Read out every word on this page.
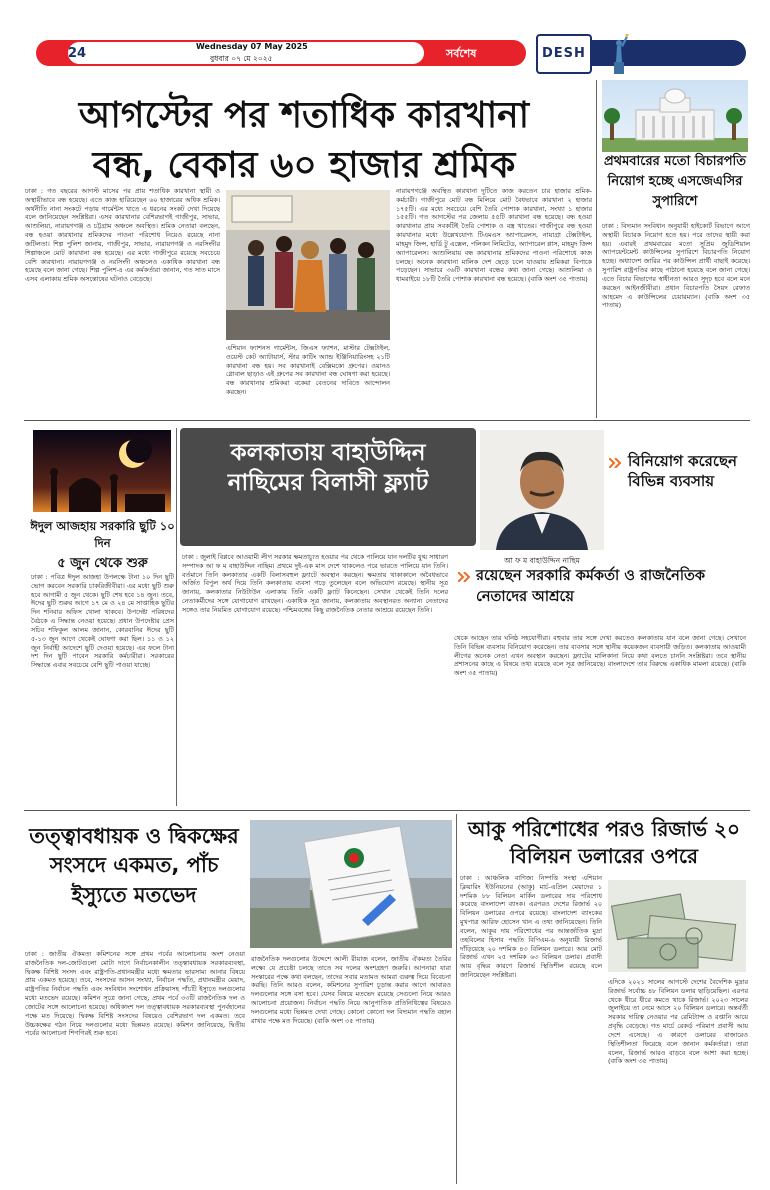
24	Wednesday 07 May 2025
বুধবার ০৭ মে ২০২৫	সর্বশেষ	DESH
আগস্টের পর শতাধিক কারখানা
বন্ধ, বেকার ৬০ হাজার শ্রমিক	প্রথমবারের মতো বিচারপতি নিয়োগ হচ্ছে এসজেএসির সুপারিশে
ঢাকা : বিদ্যমান সংবিধান অনুযায়ী হাইকোর্ট বিভাগে আগে অস্থায়ী বিচারক নিয়োগ হতে হয়। পরে তাদের স্থায়ী করা হয়। এবারই প্রথমবারের মতো সুপ্রিম জুডিশিয়াল অ্যাপয়েন্টমেন্ট কাউন্সিলের সুপারিশে বিচারপতি নিয়োগ হচ্ছে। অধ্যাদেশ জারির পর কাউন্সিল প্রার্থী বাছাই করেছে। সুপারিশ রাষ্ট্রপতির কাছে পাঠানো হয়েছে বলে জানা গেছে। এতে বিচার বিভাগের স্বাধীনতা আরও সুদৃঢ় হবে বলে মনে করছেন আইনজীবীরা। প্রধান বিচারপতি সৈয়দ রেফাত আহমেদ এ কাউন্সিলের চেয়ারম্যান। (বাকি অংশ ৩৫ পাতায়)
ঢাকা : গত বছরের আগস্ট মাসের পর প্রায় শতাধিক কারখানা স্থায়ী ও অস্থায়ীভাবে বন্ধ হয়েছে। এতে কাজ হারিয়েছেন ৬০ হাজারের অধিক শ্রমিক। অর্থনীতি নানা সংকটে পড়ায় গার্মেন্টস খাতে এ ধরনের সংকট দেখা দিয়েছে বলে জানিয়েছেন সংশ্লিষ্টরা। এসব কারখানার বেশিরভাগই গাজীপুর, সাভার, আশুলিয়া, নারায়ণগঞ্জ ও চট্টগ্রাম অঞ্চলে অবস্থিত। শ্রমিক নেতারা বলছেন, বন্ধ হওয়া কারখানার শ্রমিকদের পাওনা পরিশোধ নিয়েও রয়েছে নানা জটিলতা। শিল্প পুলিশ জানায়, গাজীপুর, সাভার, নারায়ণগঞ্জ ও নরসিংদীর শিল্পাঞ্চলে মোট কারখানা বন্ধ হয়েছে। এর মধ্যে গাজীপুরে রয়েছে সবচেয়ে বেশি কারখানা। নারায়ণগঞ্জ ও নরসিংদী অঞ্চলেও একাধিক কারখানা বন্ধ হয়েছে বলে জানা গেছে। শিল্প পুলিশ-৪ এর কর্মকর্তারা জানান, গত সাত মাসে এসব এলাকায় শ্রমিক অসন্তোষের ঘটনাও বেড়েছে।
এশিয়ান ফ্যাশনস গার্মেন্টস, জিএস ফ্যাশন, মাস্টার টেক্সটাইল, ওয়েস্ট কেট অ্যাটায়ার্স, স্টার কাটিং অ্যান্ড ইঞ্জিনিয়ারিংসহ ২১টি কারখানা বন্ধ হয়। সব কারখানাই বেক্সিমকো গ্রুপের। ওয়ানও গ্লোবাল ছাড়াও এই গ্রুপের সব কারখানা বন্ধ ঘোষণা করা হয়েছে। বন্ধ কারখানার শ্রমিকরা বকেয়া বেতনের দাবিতে আন্দোলন করছেন।
নারায়ণগঞ্জে অবস্থিত কারখানা দুটিতে কাজ করতেন চার হাজার শ্রমিক-কর্মচারী। গাজীপুরে মোট বন্ধ মিলিয়ে মোট বৈধভাবে কারখানা ২ হাজার ১৭৫টি। এর মধ্যে সবচেয়ে বেশি তৈরি পোশাক কারখানা, সংখ্যা ১ হাজার ১৫৫টি। গত আগস্টের পর জেলায় ৫৫টি কারখানা বন্ধ হয়েছে। বন্ধ হওয়া কারখানার প্রায় সবকটিই তৈরি পোশাক ও বস্ত্র খাতের। গাজীপুরে বন্ধ হওয়া কারখানার মধ্যে উল্লেখযোগ্য টিএমএস অ্যাপারেলস, নায়াগ্রা টেক্সটাইল, মাহমুদ জিন্স, হার্ডি টু এক্সেল, পলিকন লিমিটেড, অ্যাপারেল প্লাস, মাহমুদ জিন্স অ্যাপারেলস। আশুলিয়ায় বন্ধ কারখানার শ্রমিকদের পাওনা পরিশোধে কাজ চলছে। অনেক কারখানা মালিক দেশ ছেড়ে চলে যাওয়ায় শ্রমিকরা বিপাকে পড়েছেন। সাভারে ৩৬টি কারখানা বন্ধের কথা জানা গেছে। আশুলিয়া ও ধামরাইয়ে ১৮টি তৈরি পোশাক কারখানা বন্ধ হয়েছে। (বাকি অংশ ৩৫ পাতায়)
ঈদুল আজহায় সরকারি ছুটি ১০ দিন
৫ জুন থেকে শুরু
ঢাকা : পবিত্র ঈদুল আজহা উপলক্ষে টানা ১০ দিন ছুটি ভোগ করবেন সরকারি চাকরিজীবীরা। এর মধ্যে ছুটি শুরু হবে আগামী ৫ জুন থেকে। ছুটি শেষ হবে ১৪ জুন। তবে, ঈদের ছুটি শুরুর আগে ১৭ মে ও ২৪ মে সাপ্তাহিক ছুটির দিন শনিবার অফিস খোলা থাকবে। উপদেষ্টা পরিষদের বৈঠকে এ সিদ্ধান্ত নেওয়া হয়েছে। প্রধান উপদেষ্টার প্রেস সচিব শফিকুল আলম জানান, কোরবানির ঈদের ছুটি ৫-১৩ জুন আগে থেকেই ঘোষণা করা ছিল। ১১ ও ১২ জুন নির্বাহী আদেশে ছুটি দেওয়া হয়েছে। এর ফলে টানা দশ দিন ছুটি পাবেন সরকারি কর্মচারীরা। সরকারের সিদ্ধান্তে এবার সবচেয়ে বেশি ছুটি পাওয়া যাচ্ছে।
কলকাতায় বাহাউদ্দিন নাছিমের বিলাসী ফ্ল্যাট
আ ফ ম বাহাউদ্দিন নাছিম
বিনিয়োগ করেছেন বিভিন্ন ব্যবসায়
রয়েছেন সরকারি কর্মকর্তা ও রাজনৈতিক নেতাদের আশ্রয়ে
ঢাকা : জুলাই বিপ্লবে আওয়ামী লীগ সরকার ক্ষমতাচ্যুত হওয়ার পর থেকে পালিয়ে যান দলটির যুগ্ম সাধারণ সম্পাদক আ ফ ম বাহাউদ্দিন নাছিম। প্রথমে দুই-এক মাস দেশে থাকলেও পরে ভারতে পালিয়ে যান তিনি। বর্তমানে তিনি কলকাতার একটি বিলাসবহুল ফ্ল্যাটে অবস্থান করছেন। ক্ষমতায় থাকাকালে অবৈধভাবে অর্জিত বিপুল অর্থ দিয়ে তিনি কলকাতায় ব্যবসা গড়ে তুলেছেন বলে অভিযোগ রয়েছে। স্থানীয় সূত্র জানায়, কলকাতার নিউটাউন এলাকায় তিনি একটি ফ্ল্যাট কিনেছেন। সেখান থেকেই তিনি দলের নেতাকর্মীদের সঙ্গে যোগাযোগ রাখছেন। একাধিক সূত্র জানায়, কলকাতায় অবস্থানরত অন্যান্য নেতাদের সঙ্গেও তার নিয়মিত যোগাযোগ রয়েছে। পশ্চিমবঙ্গের কিছু রাজনৈতিক নেতার আশ্রয়ে রয়েছেন তিনি।
থেকে আছেন তার ঘনিষ্ঠ সহযোগীরা। বহুবার তার সঙ্গে দেখা করতেও কলকাতায় যান বলে জানা গেছে। সেখানে তিনি বিভিন্ন ব্যবসায় বিনিয়োগ করেছেন। তার ব্যবসার সঙ্গে স্থানীয় কয়েকজন ব্যবসায়ী জড়িত। কলকাতায় আওয়ামী লীগের অনেক নেতা এখন অবস্থান করছেন। ফ্ল্যাটের মালিকানা নিয়ে কথা বলতে চাননি সংশ্লিষ্টরা। তবে স্থানীয় প্রশাসনের কাছে এ বিষয়ে তথ্য রয়েছে বলে সূত্র জানিয়েছে। বাংলাদেশে তার বিরুদ্ধে একাধিক মামলা রয়েছে। (বাকি অংশ ৩৫ পাতায়)
তত্ত্বাবধায়ক ও দ্বিকক্ষের সংসদে একমত, পাঁচ ইস্যুতে মতভেদ
ঢাকা : জাতীয় ঐকমত্য কমিশনের সঙ্গে প্রথম পর্বের আলোচনায় অংশ নেওয়া রাজনৈতিক দল-জোটগুলো মোটা দাগে নির্বাচনকালীন তত্ত্বাবধায়ক সরকারব্যবস্থা, দ্বিকক্ষ বিশিষ্ট সংসদ এবং রাষ্ট্রপতি-প্রধানমন্ত্রীর মধ্যে ক্ষমতার ভারসাম্য আনার বিষয়ে প্রায় একমত হয়েছে। তবে, সংসদের আসন সংখ্যা, নির্বাচন পদ্ধতি, প্রধানমন্ত্রীর মেয়াদ, রাষ্ট্রপতির নির্বাচন পদ্ধতি এবং সংবিধান সংশোধন প্রক্রিয়াসহ পাঁচটি ইস্যুতে দলগুলোর মধ্যে মতভেদ রয়েছে। কমিশন সূত্রে জানা গেছে, প্রথম পর্বে ৩৩টি রাজনৈতিক দল ও জোটের সঙ্গে আলোচনা হয়েছে। অধিকাংশ দল তত্ত্বাবধায়ক সরকারব্যবস্থা পুনর্বহালের পক্ষে মত দিয়েছে। দ্বিকক্ষ বিশিষ্ট সংসদের বিষয়েও বেশিরভাগ দল একমত। তবে উচ্চকক্ষের গঠন নিয়ে দলগুলোর মধ্যে ভিন্নমত রয়েছে। কমিশন জানিয়েছে, দ্বিতীয় পর্বের আলোচনা শিগগিরই শুরু হবে।
রাজনৈতিক দলগুলোর উদ্দেশে আলী রীয়াজ বলেন, জাতীয় ঐকমত্য তৈরির লক্ষ্যে যে প্রচেষ্টা চলছে তাতে সব দলের অংশগ্রহণ জরুরি। আপনারা যারা সংস্কারের পক্ষে কথা বলছেন, তাদের সবার মতামত আমরা গুরুত্ব দিয়ে বিবেচনা করছি। তিনি আরও বলেন, কমিশনের সুপারিশ চূড়ান্ত করার আগে আবারও দলগুলোর সঙ্গে বসা হবে। যেসব বিষয়ে মতভেদ রয়েছে সেগুলো নিয়ে আরও আলোচনা প্রয়োজন। নির্বাচন পদ্ধতি নিয়ে আনুপাতিক প্রতিনিধিত্বের বিষয়েও দলগুলোর মধ্যে ভিন্নমত দেখা গেছে। কোনো কোনো দল বিদ্যমান পদ্ধতি বহাল রাখার পক্ষে মত দিয়েছে। (বাকি অংশ ৩৫ পাতায়)
আকু পরিশোধের পরও রিজার্ভ ২০ বিলিয়ন ডলারের ওপরে
ঢাকা : আঞ্চলিক বাণিজ্য নিষ্পত্তি সংস্থা এশিয়ান ক্লিয়ারিং ইউনিয়নের (আকু) মার্চ-এপ্রিল মেয়াদের ১ দশমিক ৮৮ বিলিয়ন মার্কিন ডলারের দায় পরিশোধ করেছে বাংলাদেশ ব্যাংক। এরপরও দেশের রিজার্ভ ২০ বিলিয়ন ডলারের ওপরে রয়েছে। বাংলাদেশ ব্যাংকের মুখপাত্র আরিফ হোসেন খান এ তথ্য জানিয়েছেন। তিনি বলেন, আকুর দায় পরিশোধের পর আন্তর্জাতিক মুদ্রা তহবিলের হিসাব পদ্ধতি বিপিএম-৬ অনুযায়ী রিজার্ভ দাঁড়িয়েছে ২০ দশমিক ৪৩ বিলিয়ন ডলারে। আর মোট রিজার্ভ এখন ২৫ দশমিক ৬৩ বিলিয়ন ডলার। প্রবাসী আয় বৃদ্ধির কারণে রিজার্ভ স্থিতিশীল রয়েছে বলে জানিয়েছেন সংশ্লিষ্টরা।
এদিকে ২০২১ সালের আগস্টে দেশের বৈদেশিক মুদ্রার রিজার্ভ সর্বোচ্চ ৪৮ বিলিয়ন ডলার ছাড়িয়েছিল। এরপর থেকে ধীরে ধীরে কমতে থাকে রিজার্ভ। ২০২৩ সালের জুলাইয়ে তা নেমে আসে ২০ বিলিয়ন ডলারে। অন্তর্বর্তী সরকার দায়িত্ব নেওয়ার পর রেমিট্যান্স ও রপ্তানি আয়ে প্রবৃদ্ধি বেড়েছে। গত মার্চে রেকর্ড পরিমাণ প্রবাসী আয় দেশে এসেছে। এ কারণে ডলারের বাজারেও স্থিতিশীলতা ফিরেছে বলে জানান কর্মকর্তারা। তারা বলেন, রিজার্ভ আরও বাড়বে বলে আশা করা হচ্ছে। (বাকি অংশ ৩৫ পাতায়)
